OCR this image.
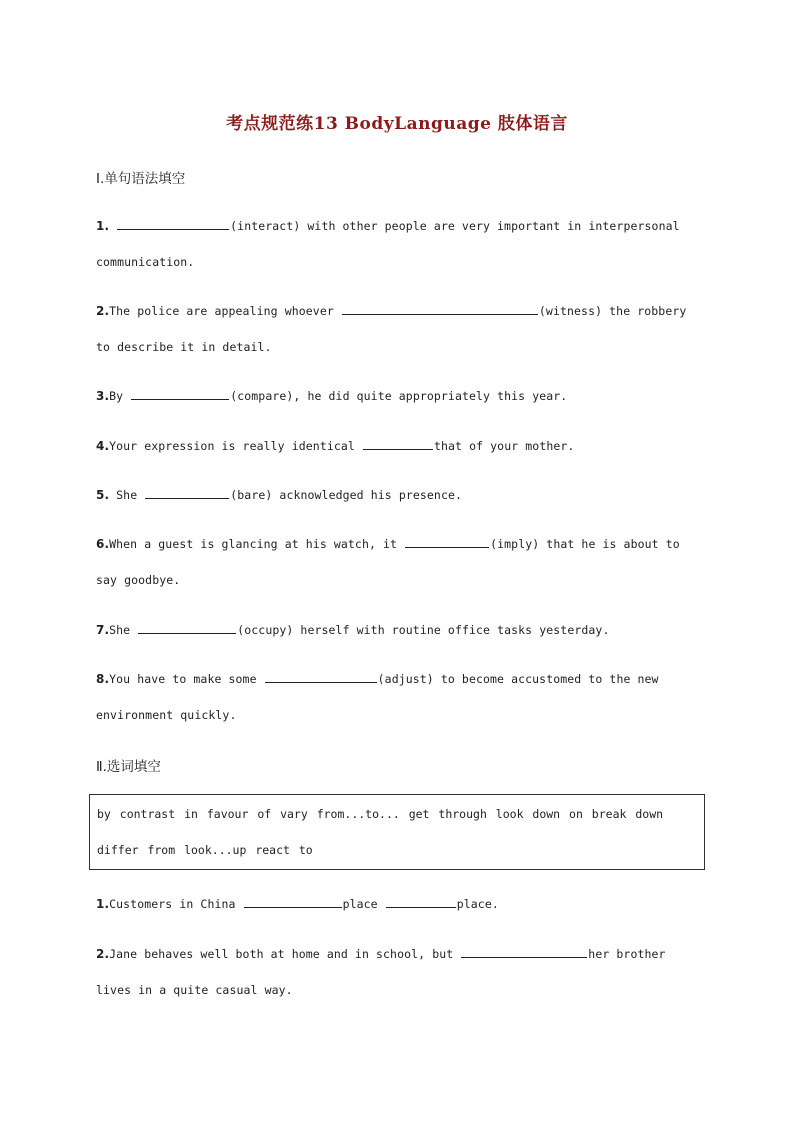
考点规范练13 BodyLanguage 肢体语言
Ⅰ.单句语法填空
1.	(interact) with other people are very important in interpersonal
communication.
2.The police are appealing whoever	(witness) the robbery
to describe it in detail.
3.By	(compare), he did quite appropriately this year.
4.Your expression is really identical	that of your mother.
5. She	(bare) acknowledged his presence.
6.When a guest is glancing at his watch, it	(imply) that he is about to
say goodbye.
7.She	(occupy) herself with routine office tasks yesterday.
8.You have to make some	(adjust) to become accustomed to the new
environment quickly.
Ⅱ.选词填空
by contrast in favour of vary from...to... get through look down on break down
differ from look...up react to
1.Customers in China	place	place.
2.Jane behaves well both at home and in school, but	her brother
lives in a quite casual way.
